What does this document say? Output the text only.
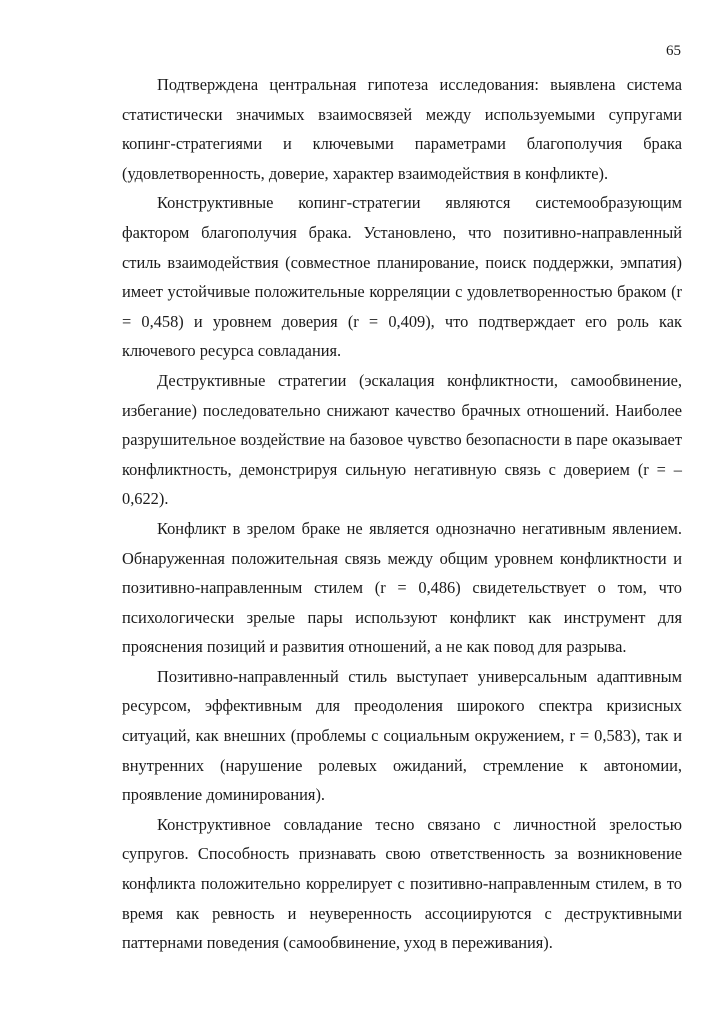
65

Подтверждена центральная гипотеза исследования: выявлена система статистически значимых взаимосвязей между используемыми супругами копинг-стратегиями и ключевыми параметрами благополучия брака (удовлетворенность, доверие, характер взаимодействия в конфликте).

Конструктивные копинг-стратегии являются системообразующим фактором благополучия брака. Установлено, что позитивно-направленный стиль взаимодействия (совместное планирование, поиск поддержки, эмпатия) имеет устойчивые положительные корреляции с удовлетворенностью браком (r = 0,458) и уровнем доверия (r = 0,409), что подтверждает его роль как ключевого ресурса совладания.

Деструктивные стратегии (эскалация конфликтности, самообвинение, избегание) последовательно снижают качество брачных отношений. Наиболее разрушительное воздействие на базовое чувство безопасности в паре оказывает конфликтность, демонстрируя сильную негативную связь с доверием (r = – 0,622).

Конфликт в зрелом браке не является однозначно негативным явлением. Обнаруженная положительная связь между общим уровнем конфликтности и позитивно-направленным стилем (r = 0,486) свидетельствует о том, что психологически зрелые пары используют конфликт как инструмент для прояснения позиций и развития отношений, а не как повод для разрыва.

Позитивно-направленный стиль выступает универсальным адаптивным ресурсом, эффективным для преодоления широкого спектра кризисных ситуаций, как внешних (проблемы с социальным окружением, r = 0,583), так и внутренних (нарушение ролевых ожиданий, стремление к автономии, проявление доминирования).

Конструктивное совладание тесно связано с личностной зрелостью супругов. Способность признавать свою ответственность за возникновение конфликта положительно коррелирует с позитивно-направленным стилем, в то время как ревность и неуверенность ассоциируются с деструктивными паттернами поведения (самообвинение, уход в переживания).
